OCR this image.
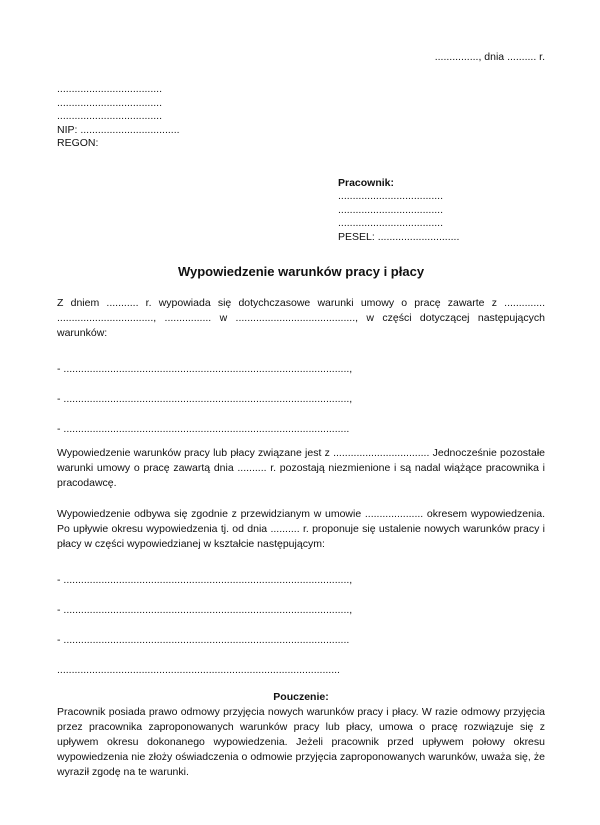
..............., dnia .......... r.
....................................
....................................
....................................
NIP: ..................................
REGON:
Pracownik:
....................................
....................................
....................................
PESEL: ............................
Wypowiedzenie warunków pracy i płacy

Z dniem ........... r. wypowiada się dotychczasowe warunki umowy o pracę zawarte z .............. ................................., ................ w ........................................., w części dotyczącej następujących warunków:

- ..................................................................................................,
- ..................................................................................................,
- ..................................................................................................

Wypowiedzenie warunków pracy lub płacy związane jest z ................................. Jednocześnie pozostałe warunki umowy o pracę zawartą dnia .......... r. pozostają niezmienione i są nadal wiążące pracownika i pracodawcę.

Wypowiedzenie odbywa się zgodnie z przewidzianym w umowie .................... okresem wypowiedzenia. Po upływie okresu wypowiedzenia tj. od dnia .......... r. proponuje się ustalenie nowych warunków pracy i płacy w części wypowiedzianej w kształcie następującym:

- ..................................................................................................,
- ..................................................................................................,
- ..................................................................................................
.................................................................................................
Pouczenie:

Pracownik posiada prawo odmowy przyjęcia nowych warunków pracy i płacy. W razie odmowy przyjęcia przez pracownika zaproponowanych warunków pracy lub płacy, umowa o pracę rozwiązuje się z upływem okresu dokonanego wypowiedzenia. Jeżeli pracownik przed upływem połowy okresu wypowiedzenia nie złoży oświadczenia o odmowie przyjęcia zaproponowanych warunków, uważa się, że wyraził zgodę na te warunki.
